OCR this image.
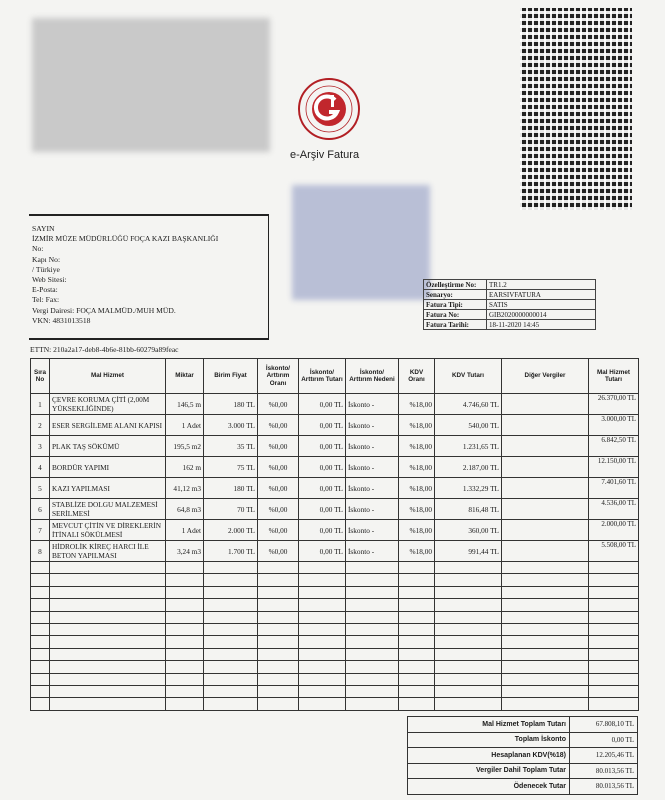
e-Arşiv Fatura
SAYIN
İZMİR MÜZE MÜDÜRLÜĞÜ FOÇA KAZI BAŞKANLIĞI
No:
Kapı No:
/ Türkiye
Web Sitesi:
E-Posta:
Tel: Fax:
Vergi Dairesi: FOÇA MALMÜD./MUH MÜD.
VKN: 4831013518
Özelleştirme No:	TR1.2
Senaryo:	EARSIVFATURA
Fatura Tipi:	SATIS
Fatura No:	GIB2020000000014
Fatura Tarihi:	18-11-2020 14:45
ETTN: 210a2a17-deb8-4b6e-81bb-60279a89feac
Sıra No	Mal Hizmet	Miktar	Birim Fiyat	İskonto/ Arttırım Oranı	İskonto/ Arttırım Tutarı	İskonto/ Arttırım Nedeni	KDV Oranı	KDV Tutarı	Diğer Vergiler	Mal Hizmet Tutarı
1	ÇEVRE KORUMA ÇİTİ (2,00M YÜKSEKLİĞİNDE)	146,5 m	180 TL	%0,00	0,00 TL	İskonto -	%18,00	4.746,60 TL		26.370,00 TL
2	ESER SERGİLEME ALANI KAPISI	1 Adet	3.000 TL	%0,00	0,00 TL	İskonto -	%18,00	540,00 TL		3.000,00 TL
3	PLAK TAŞ SÖKÜMÜ	195,5 m2	35 TL	%0,00	0,00 TL	İskonto -	%18,00	1.231,65 TL		6.842,50 TL
4	BORDÜR YAPIMI	162 m	75 TL	%0,00	0,00 TL	İskonto -	%18,00	2.187,00 TL		12.150,00 TL
5	KAZI YAPILMASI	41,12 m3	180 TL	%0,00	0,00 TL	İskonto -	%18,00	1.332,29 TL		7.401,60 TL
6	STABLİZE DOLGU MALZEMESİ SERİLMESİ	64,8 m3	70 TL	%0,00	0,00 TL	İskonto -	%18,00	816,48 TL		4.536,00 TL
7	MEVCUT ÇİTİN VE DİREKLERİN İTİNALI SÖKÜLMESİ	1 Adet	2.000 TL	%0,00	0,00 TL	İskonto -	%18,00	360,00 TL		2.000,00 TL
8	HİDROLİK KİREÇ HARCI İLE BETON YAPILMASI	3,24 m3	1.700 TL	%0,00	0,00 TL	İskonto -	%18,00	991,44 TL		5.508,00 TL

Mal Hizmet Toplam Tutarı	67.808,10 TL
Toplam İskonto	0,00 TL
Hesaplanan KDV(%18)	12.205,46 TL
Vergiler Dahil Toplam Tutar	80.013,56 TL
Ödenecek Tutar	80.013,56 TL
